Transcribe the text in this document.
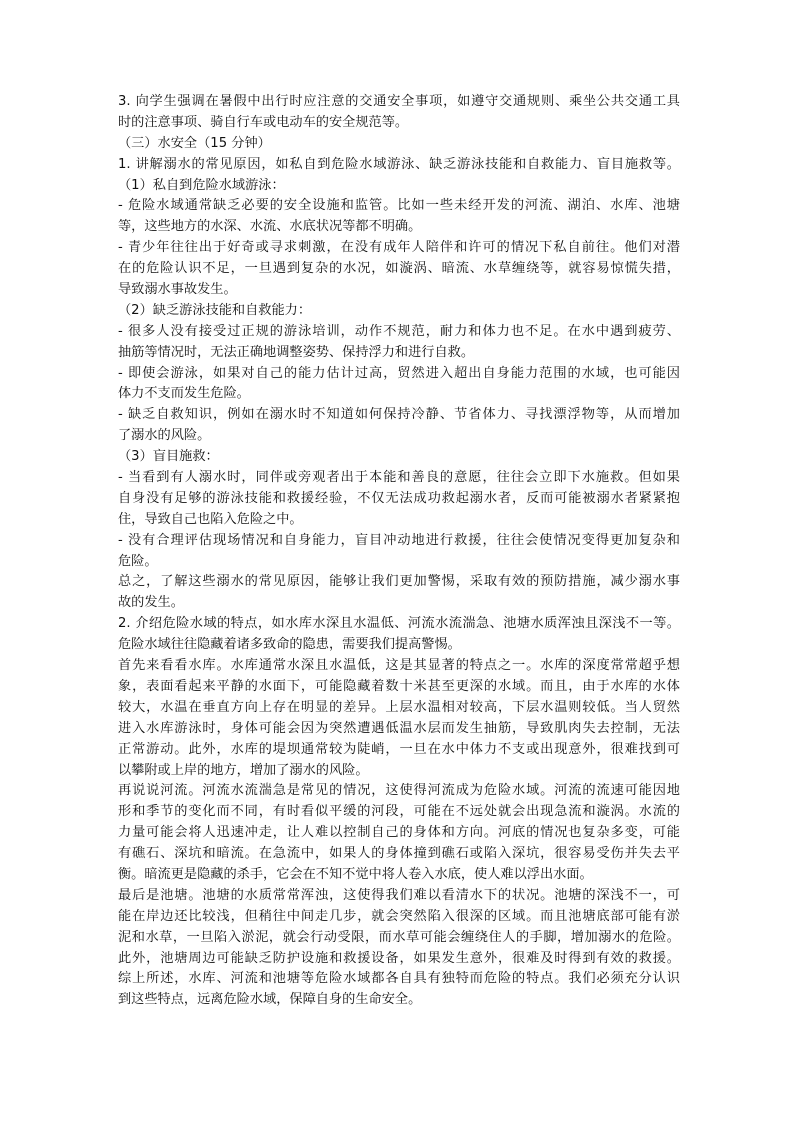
3. 向学生强调在暑假中出行时应注意的交通安全事项，如遵守交通规则、乘坐公共交通工具
时的注意事项、骑自行车或电动车的安全规范等。
（三）水安全（15 分钟）
1. 讲解溺水的常见原因，如私自到危险水域游泳、缺乏游泳技能和自救能力、盲目施救等。
（1）私自到危险水域游泳：
- 危险水域通常缺乏必要的安全设施和监管。比如一些未经开发的河流、湖泊、水库、池塘
等，这些地方的水深、水流、水底状况等都不明确。
- 青少年往往出于好奇或寻求刺激，在没有成年人陪伴和许可的情况下私自前往。他们对潜
在的危险认识不足，一旦遇到复杂的水况，如漩涡、暗流、水草缠绕等，就容易惊慌失措，
导致溺水事故发生。
（2）缺乏游泳技能和自救能力：
- 很多人没有接受过正规的游泳培训，动作不规范，耐力和体力也不足。在水中遇到疲劳、
抽筋等情况时，无法正确地调整姿势、保持浮力和进行自救。
- 即使会游泳，如果对自己的能力估计过高，贸然进入超出自身能力范围的水域，也可能因
体力不支而发生危险。
- 缺乏自救知识，例如在溺水时不知道如何保持冷静、节省体力、寻找漂浮物等，从而增加
了溺水的风险。
（3）盲目施救：
- 当看到有人溺水时，同伴或旁观者出于本能和善良的意愿，往往会立即下水施救。但如果
自身没有足够的游泳技能和救援经验，不仅无法成功救起溺水者，反而可能被溺水者紧紧抱
住，导致自己也陷入危险之中。
- 没有合理评估现场情况和自身能力，盲目冲动地进行救援，往往会使情况变得更加复杂和
危险。
总之，了解这些溺水的常见原因，能够让我们更加警惕，采取有效的预防措施，减少溺水事
故的发生。
2. 介绍危险水域的特点，如水库水深且水温低、河流水流湍急、池塘水质浑浊且深浅不一等。
危险水域往往隐藏着诸多致命的隐患，需要我们提高警惕。
首先来看看水库。水库通常水深且水温低，这是其显著的特点之一。水库的深度常常超乎想
象，表面看起来平静的水面下，可能隐藏着数十米甚至更深的水域。而且，由于水库的水体
较大，水温在垂直方向上存在明显的差异。上层水温相对较高，下层水温则较低。当人贸然
进入水库游泳时，身体可能会因为突然遭遇低温水层而发生抽筋，导致肌肉失去控制，无法
正常游动。此外，水库的堤坝通常较为陡峭，一旦在水中体力不支或出现意外，很难找到可
以攀附或上岸的地方，增加了溺水的风险。
再说说河流。河流水流湍急是常见的情况，这使得河流成为危险水域。河流的流速可能因地
形和季节的变化而不同，有时看似平缓的河段，可能在不远处就会出现急流和漩涡。水流的
力量可能会将人迅速冲走，让人难以控制自己的身体和方向。河底的情况也复杂多变，可能
有礁石、深坑和暗流。在急流中，如果人的身体撞到礁石或陷入深坑，很容易受伤并失去平
衡。暗流更是隐藏的杀手，它会在不知不觉中将人卷入水底，使人难以浮出水面。
最后是池塘。池塘的水质常常浑浊，这使得我们难以看清水下的状况。池塘的深浅不一，可
能在岸边还比较浅，但稍往中间走几步，就会突然陷入很深的区域。而且池塘底部可能有淤
泥和水草，一旦陷入淤泥，就会行动受限，而水草可能会缠绕住人的手脚，增加溺水的危险。
此外，池塘周边可能缺乏防护设施和救援设备，如果发生意外，很难及时得到有效的救援。
综上所述，水库、河流和池塘等危险水域都各自具有独特而危险的特点。我们必须充分认识
到这些特点，远离危险水域，保障自身的生命安全。
